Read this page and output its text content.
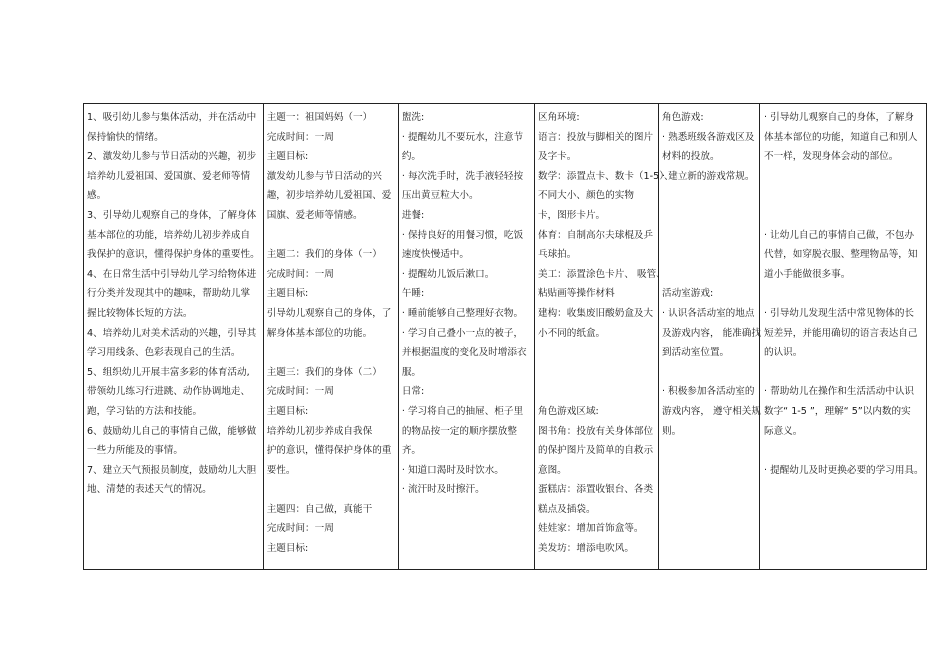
1、吸引幼儿参与集体活动，并在活动中
保持愉快的情绪。
2、激发幼儿参与节日活动的兴趣，初步
培养幼儿爱祖国、爱国旗、爱老师等情
感。
3、引导幼儿观察自己的身体，了解身体
基本部位的功能，培养幼儿初步养成自
我保护的意识，懂得保护身体的重要性。
4、在日常生活中引导幼儿学习给物体进
行分类并发现其中的趣味，帮助幼儿掌
握比较物体长短的方法。
4、培养幼儿对美术活动的兴趣，引导其
学习用线条、色彩表现自己的生活。
5、组织幼儿开展丰富多彩的体育活动,
带领幼儿练习行进跳、动作协调地走、
跑，学习钻的方法和技能。
6、鼓励幼儿自己的事情自己做，能够做
一些力所能及的事情。
7、建立天气预报员制度，鼓励幼儿大胆
地、清楚的表述天气的情况。
主题一：祖国妈妈（一）
完成时间：一周
主题目标:
激发幼儿参与节日活动的兴
趣，初步培养幼儿爱祖国、爱
国旗、爱老师等情感。
主题二：我们的身体（一）
完成时间：一周
主题目标:
引导幼儿观察自己的身体，了
解身体基本部位的功能。
主题三：我们的身体（二）
完成时间：一周
主题目标:
培养幼儿初步养成自我保
护的意识，懂得保护身体的重
要性。
主题四：自己做，真能干
完成时间：一周
主题目标:
盥洗:
· 提醒幼儿不要玩水，注意节
约。
· 每次洗手时，洗手液轻轻按
压出黄豆粒大小。
进餐:
· 保持良好的用餐习惯，吃饭
速度快慢适中。
· 提醒幼儿饭后漱口。
午睡:
· 睡前能够自己整理好衣物。
· 学习自己叠小一点的被子，
并根据温度的变化及时增添衣
服。
日常:
· 学习将自己的抽屉、柜子里
的物品按一定的顺序摆放整
齐。
· 知道口渴时及时饮水。
· 流汗时及时擦汗。
区角环境:
语言：投放与脚相关的图片
及字卡。
数学：添置点卡、数卡（1-5）、
不同大小、颜色的实物
卡，图形卡片。
体育：自制高尔夫球棍及乒
乓球拍。
美工：添置涂色卡片、 吸管、
粘贴画等操作材料
建构：收集废旧酸奶盒及大
小不同的纸盒。
角色游戏区域:
图书角：投放有关身体部位
的保护图片及简单的自救示
意图。
蛋糕店：添置收银台、各类
糕点及插袋。
娃娃家：增加首饰盒等。
美发坊：增添电吹风。
角色游戏:
· 熟悉班级各游戏区及
材料的投放。
· 建立新的游戏常规。
活动室游戏:
· 认识各活动室的地点
及游戏内容， 能准确找
到活动室位置。
· 积极参加各活动室的
游戏内容， 遵守相关规
则。
· 引导幼儿观察自己的身体，了解身
体基本部位的功能，知道自己和别人
不一样，发现身体会动的部位。
· 让幼儿自己的事情自己做，不包办
代替，如穿脱衣服、整理物品等，知
道小手能做很多事。
· 引导幼儿发现生活中常见物体的长
短差异，并能用确切的语言表达自己
的认识。
· 帮助幼儿在操作和生活活动中认识
数字“ 1-5 ”，理解“ 5”以内数的实
际意义。
· 提醒幼儿及时更换必要的学习用具。
